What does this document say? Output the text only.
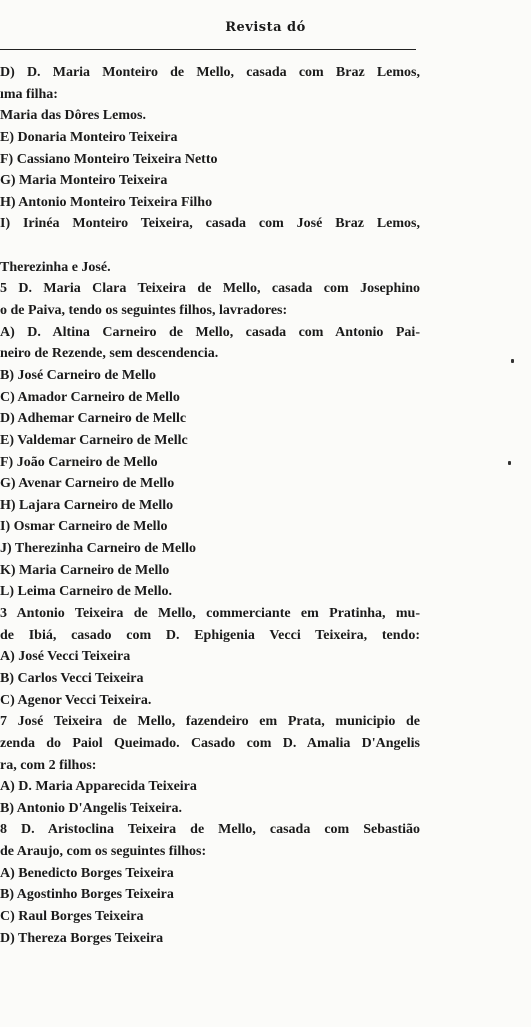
Revista dó
D) D. Maria Monteiro de Mello, casada com Braz Lemos,
ıma filha:
Maria das Dôres Lemos.
E) Donaria Monteiro Teixeira
F) Cassiano Monteiro Teixeira Netto
G) Maria Monteiro Teixeira
H) Antonio Monteiro Teixeira Filho
I) Irinéa Monteiro Teixeira, casada com José Braz Lemos,
Therezinha e José.
5 D. Maria Clara Teixeira de Mello, casada com Josephino
o de Paiva, tendo os seguintes filhos, lavradores:
A) D. Altina Carneiro de Mello, casada com Antonio Pai-
neiro de Rezende, sem descendencia.
B) José Carneiro de Mello
C) Amador Carneiro de Mello
D) Adhemar Carneiro de Mellc
E) Valdemar Carneiro de Mellc
F) João Carneiro de Mello
G) Avenar Carneiro de Mello
H) Lajara Carneiro de Mello
I) Osmar Carneiro de Mello
J) Therezinha Carneiro de Mello
K) Maria Carneiro de Mello
L) Leima Carneiro de Mello.
3 Antonio Teixeira de Mello, commerciante em Pratinha, mu-
de Ibiá, casado com D. Ephigenia Vecci Teixeira, tendo:
A) José Vecci Teixeira
B) Carlos Vecci Teixeira
C) Agenor Vecci Teixeira.
7 José Teixeira de Mello, fazendeiro em Prata, municipio de
zenda do Paiol Queimado. Casado com D. Amalia D'Angelis
ra, com 2 filhos:
A) D. Maria Apparecida Teixeira
B) Antonio D'Angelis Teixeira.
8 D. Aristoclina Teixeira de Mello, casada com Sebastião
de Araujo, com os seguintes filhos:
A) Benedicto Borges Teixeira
B) Agostinho Borges Teixeira
C) Raul Borges Teixeira
D) Thereza Borges Teixeira
